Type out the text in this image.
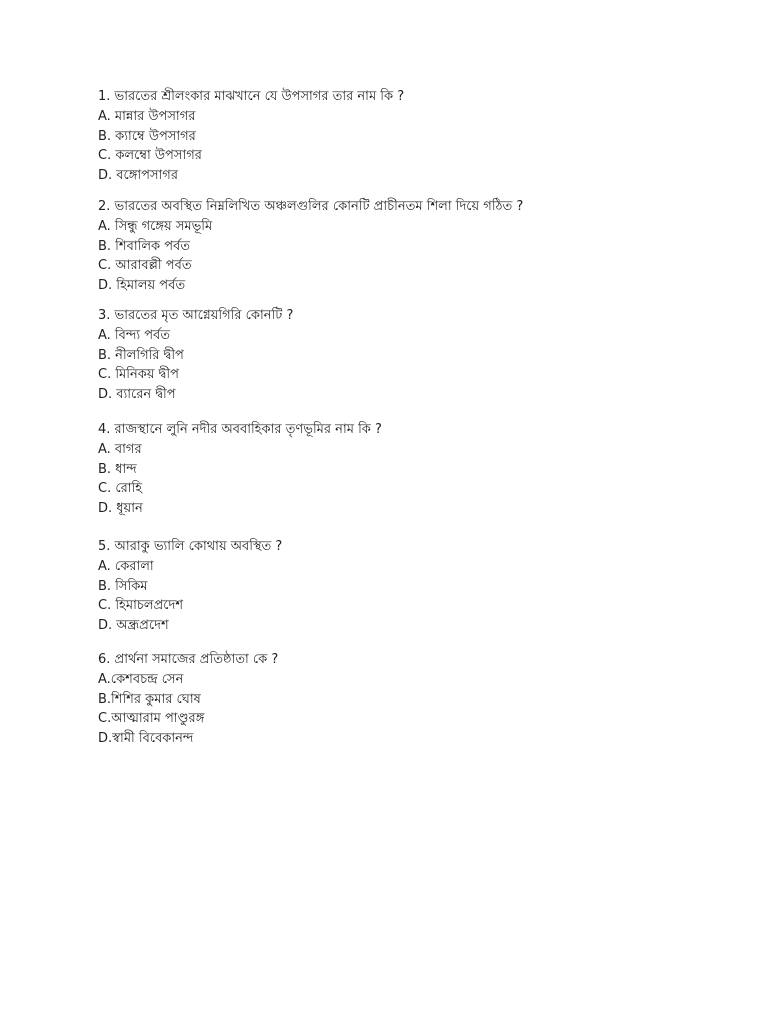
1. ভারতের শ্রীলংকার মাঝখানে যে উপসাগর তার নাম কি ?
A. মান্নার উপসাগর
B. ক্যাম্বে উপসাগর
C. কলম্বো উপসাগর
D. বঙ্গোপসাগর
2. ভারতের অবস্থিত নিম্নলিখিত অঞ্চলগুলির কোনটি প্রাচীনতম শিলা দিয়ে গঠিত ?
A. সিন্ধু গঙ্গেয় সমভূমি
B. শিবালিক পর্বত
C. আরাবল্লী পর্বত
D. হিমালয় পর্বত
3. ভারতের মৃত আগ্নেয়গিরি কোনটি ?
A. বিন্দ্য পর্বত
B. নীলগিরি দ্বীপ
C. মিনিকয় দ্বীপ
D. ব্যারেন দ্বীপ
4. রাজস্থানে লুনি নদীর অববাহিকার তৃণভূমির নাম কি ?
A. বাগর
B. ধান্দ
C. রোহি
D. ধূয়ান
5. আরাকু ভ্যালি কোথায় অবস্থিত ?
A. কেরালা
B. সিকিম
C. হিমাচলপ্রদেশ
D. অন্ধ্রপ্রদেশ
6. প্রার্থনা সমাজের প্রতিষ্ঠাতা কে ?
A.কেশবচন্দ্র সেন
B.শিশির কুমার ঘোষ
C.আত্মারাম পাণ্ডুরঙ্গ
D.স্বামী বিবেকানন্দ
